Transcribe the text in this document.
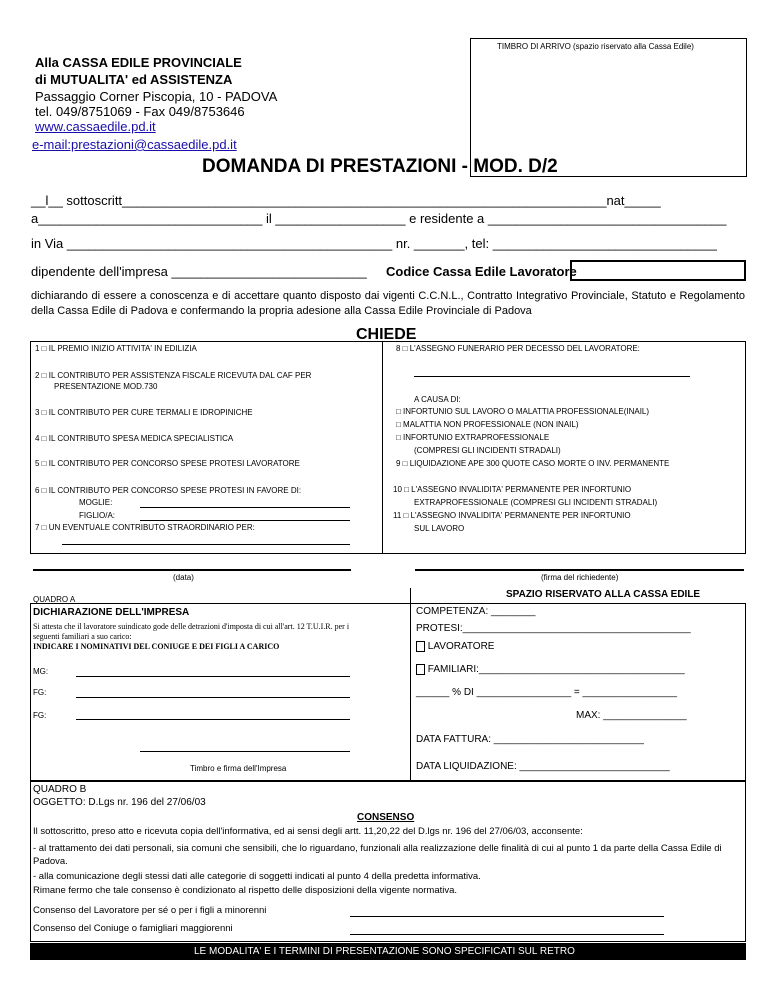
TIMBRO DI ARRIVO (spazio riservato alla Cassa Edile)
Alla CASSA EDILE PROVINCIALE
di MUTUALITA' ed ASSISTENZA
Passaggio Corner Piscopia, 10 - PADOVA
tel. 049/8751069 - Fax 049/8753646
www.cassaedile.pd.it
e-mail:prestazioni@cassaedile.pd.it
DOMANDA DI PRESTAZIONI - MOD. D/2
__l__ sottoscritt___________________________________________________________________nat_____
a_______________________________ il __________________ e residente a _________________________________
in Via _____________________________________________ nr. _______, tel: _______________________________
dipendente dell'impresa ___________________________ Codice Cassa Edile Lavoratore
dichiarando di essere a conoscenza e di accettare quanto disposto dai vigenti C.C.N.L., Contratto Integrativo Provinciale, Statuto e Regolamento della Cassa Edile di Padova e confermando la propria adesione alla Cassa Edile Provinciale di Padova
CHIEDE
1 □ IL PREMIO INIZIO ATTIVITA' IN EDILIZIA
2 □ IL CONTRIBUTO PER ASSISTENZA FISCALE RICEVUTA DAL CAF PER
PRESENTAZIONE MOD.730
3 □ IL CONTRIBUTO PER CURE TERMALI E IDROPINICHE
4 □ IL CONTRIBUTO SPESA MEDICA SPECIALISTICA
5 □ IL CONTRIBUTO PER CONCORSO SPESE PROTESI LAVORATORE
6 □ IL CONTRIBUTO PER CONCORSO SPESE PROTESI IN FAVORE DI:
MOGLIE:
FIGLIO/A:
7 □ UN EVENTUALE CONTRIBUTO STRAORDINARIO PER:
8 □ L'ASSEGNO FUNERARIO PER DECESSO DEL LAVORATORE:
A CAUSA DI:
□ INFORTUNIO SUL LAVORO O MALATTIA PROFESSIONALE(INAIL)
□ MALATTIA NON PROFESSIONALE (NON INAIL)
□ INFORTUNIO EXTRAPROFESSIONALE
(COMPRESI GLI INCIDENTI STRADALI)
9 □ LIQUIDAZIONE APE 300 QUOTE CASO MORTE O INV. PERMANENTE
10 □ L'ASSEGNO INVALIDITA' PERMANENTE PER INFORTUNIO
EXTRAPROFESSIONALE (COMPRESI GLI INCIDENTI STRADALI)
11 □ L'ASSEGNO INVALIDITA' PERMANENTE PER INFORTUNIO
SUL LAVORO
(data)	(firma del richiedente)
QUADRO A
DICHIARAZIONE DELL'IMPRESA
Si attesta che il lavoratore suindicato gode delle detrazioni d'imposta di cui all'art. 12 T.U.I.R. per i
seguenti familiari a suo carico:
INDICARE I NOMINATIVI DEL CONIUGE E DEI FIGLI A CARICO
MG:
FG:
FG:
Timbro e firma dell'Impresa
SPAZIO RISERVATO ALLA CASSA EDILE
COMPETENZA: ________
PROTESI:_________________________________________
LAVORATORE
FAMILIARI:_____________________________________
______ % DI _________________ = _________________
MAX: _______________
DATA FATTURA: ___________________________
DATA LIQUIDAZIONE: ___________________________
QUADRO B
OGGETTO: D.Lgs nr. 196 del 27/06/03
CONSENSO
Il sottoscritto, preso atto e ricevuta copia dell'informativa, ed ai sensi degli artt. 11,20,22 del D.lgs nr. 196 del 27/06/03, acconsente:
- al trattamento dei dati personali, sia comuni che sensibili, che lo riguardano, funzionali alla realizzazione delle finalità di cui al punto 1 da parte della Cassa Edile di Padova.
- alla comunicazione degli stessi dati alle categorie di soggetti indicati al punto 4 della predetta informativa.
Rimane fermo che tale consenso è condizionato al rispetto delle disposizioni della vigente normativa.
Consenso del Lavoratore per sé o per i figli a minorenni
Consenso del Coniuge o famigliari maggiorenni
LE MODALITA' E I TERMINI DI PRESENTAZIONE SONO SPECIFICATI SUL RETRO
